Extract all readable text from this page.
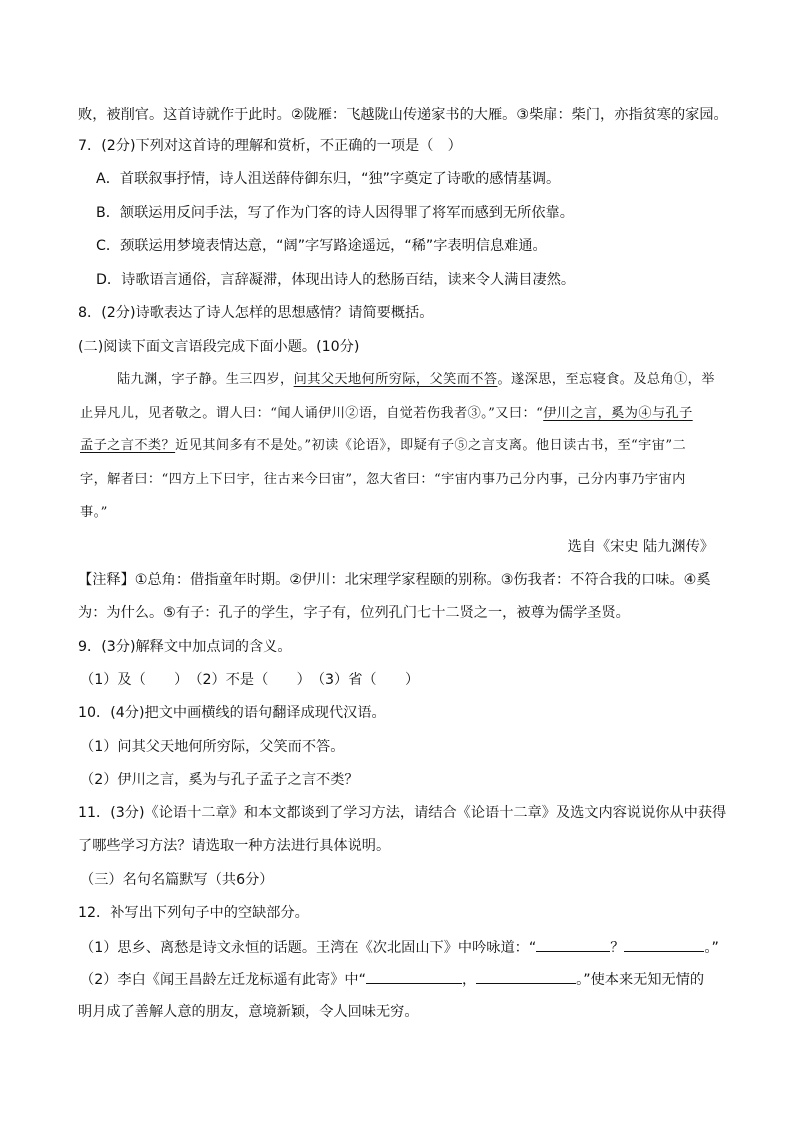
败，被削官。这首诗就作于此时。②陇雁：飞越陇山传递家书的大雁。③柴扉：柴门，亦指贫寒的家园。
7．(2分)下列对这首诗的理解和赏析，不正确的一项是（　）
A．首联叙事抒情，诗人沮送薛侍御东归，“独”字奠定了诗歌的感情基调。
B．颔联运用反问手法，写了作为门客的诗人因得罪了将军而感到无所依靠。
C．颈联运用梦境表情达意，“阔”字写路途遥远，“稀”字表明信息难通。
D．诗歌语言通俗，言辞凝滞，体现出诗人的愁肠百结，读来令人满目凄然。
8．(2分)诗歌表达了诗人怎样的思想感情？请简要概括。
(二)阅读下面文言语段完成下面小题。(10分)
陆九渊，字子静。生三四岁，问其父天地何所穷际，父笑而不答。遂深思，至忘寝食。及总角①，举
止异凡儿，见者敬之。谓人曰：“闻人诵伊川②语，自觉若伤我者③。”又曰：“伊川之言，奚为④与孔子
孟子之言不类？近见其间多有不是处。”初读《论语》，即疑有子⑤之言支离。他日读古书，至“宇宙”二
字，解者曰：“四方上下曰宇，往古来今曰宙”，忽大省曰：“宇宙内事乃己分内事，己分内事乃宇宙内
事。”
选自《宋史 陆九渊传》
【注释】①总角：借指童年时期。②伊川：北宋理学家程颐的别称。③伤我者：不符合我的口味。④奚
为：为什么。⑤有子：孔子的学生，字子有，位列孔门七十二贤之一，被尊为儒学圣贤。
9．(3分)解释文中加点词的含义。
（1）及（　　）　（2）不是（　　）　（3）省（　　）
10．(4分)把文中画横线的语句翻译成现代汉语。
（1）问其父天地何所穷际，父笑而不答。
（2）伊川之言，奚为与孔子孟子之言不类？
11．(3分)《论语十二章》和本文都谈到了学习方法，请结合《论语十二章》及选文内容说说你从中获得
了哪些学习方法？请选取一种方法进行具体说明。
（三）名句名篇默写（共6分）
12．补写出下列句子中的空缺部分。
（1）思乡、离愁是诗文永恒的话题。王湾在《次北固山下》中吟咏道：“	？	。”
（2）李白《闻王昌龄左迁龙标遥有此寄》中“	，	。”使本来无知无情的
明月成了善解人意的朋友，意境新颖，令人回味无穷。
